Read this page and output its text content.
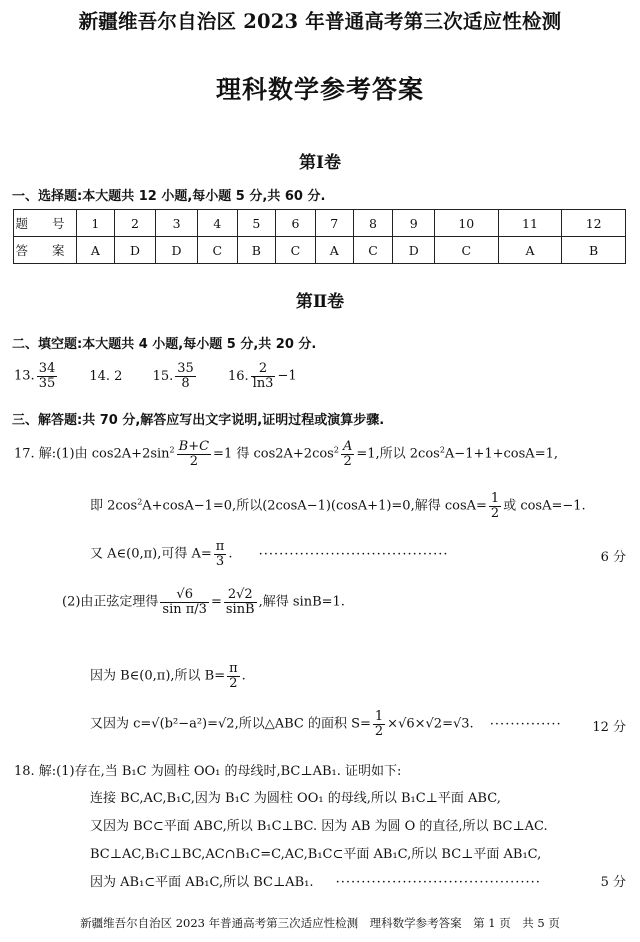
新疆维吾尔自治区 2023 年普通高考第三次适应性检测
理科数学参考答案
第Ⅰ卷
一、选择题:本大题共 12 小题,每小题 5 分,共 60 分.
题 号	1	2	3	4	5	6	7	8	9	10	11	12
答 案	A	D	D	C	B	C	A	C	D	C	A	B
第Ⅱ卷
二、填空题:本大题共 4 小题,每小题 5 分,共 20 分.
13. $\frac{34}{35} 14$. 2 15. $\frac{35}{8} 16$. $\frac{2}{\ln 3} -1$
三、解答题:共 70 分,解答应写出文字说明,证明过程或演算步骤.
17. 解:(1)由 $\cos 2A+2\sin^2 \frac{B+C}{2} =1$ 得 $\cos 2A+2\cos^2 \frac{A}{2} =1$,所以 $2\cos^2A-1+1+\cos A=1$,
即 $2\cos^2A+\cos A-1=0$,所以(2cosA−1)(cosA+1)=0,解得 $\cos A= \frac{1}{2}$ 或 cosA=−1.
又 A∈(0,π),可得 $A= \frac{\pi}{3}$ . ·····································	6 分
(2)由正弦定理得 $\frac{√6}{\text{sin π/3}} = \frac{2√2}{\sin B}$ ,解得 sinB=1.
因为 B∈(0,π),所以 $B= \frac{\pi}{2}$ .
又因为 c=√(b²−a²)=√2,所以△ABC 的面积 $S= \frac{1}{2} \times√6\times√2=√3$. ·············· 12 分
18. 解:(1)存在,当 B₁C 为圆柱 OO₁ 的母线时,BC⊥AB₁. 证明如下:
连接 BC,AC,B₁C,因为 B₁C 为圆柱 OO₁ 的母线,所以 B₁C⊥平面 ABC,
又因为 BC⊂平面 ABC,所以 B₁C⊥BC. 因为 AB 为圆 O 的直径,所以 BC⊥AC.
BC⊥AC,B₁C⊥BC,AC∩B₁C=C,AC,B₁C⊂平面 AB₁C,所以 BC⊥平面 AB₁C,
因为 AB₁⊂平面 AB₁C,所以 BC⊥AB₁. ········································	5 分
新疆维吾尔自治区 2023 年普通高考第三次适应性检测　理科数学参考答案　第 1 页　共 5 页
